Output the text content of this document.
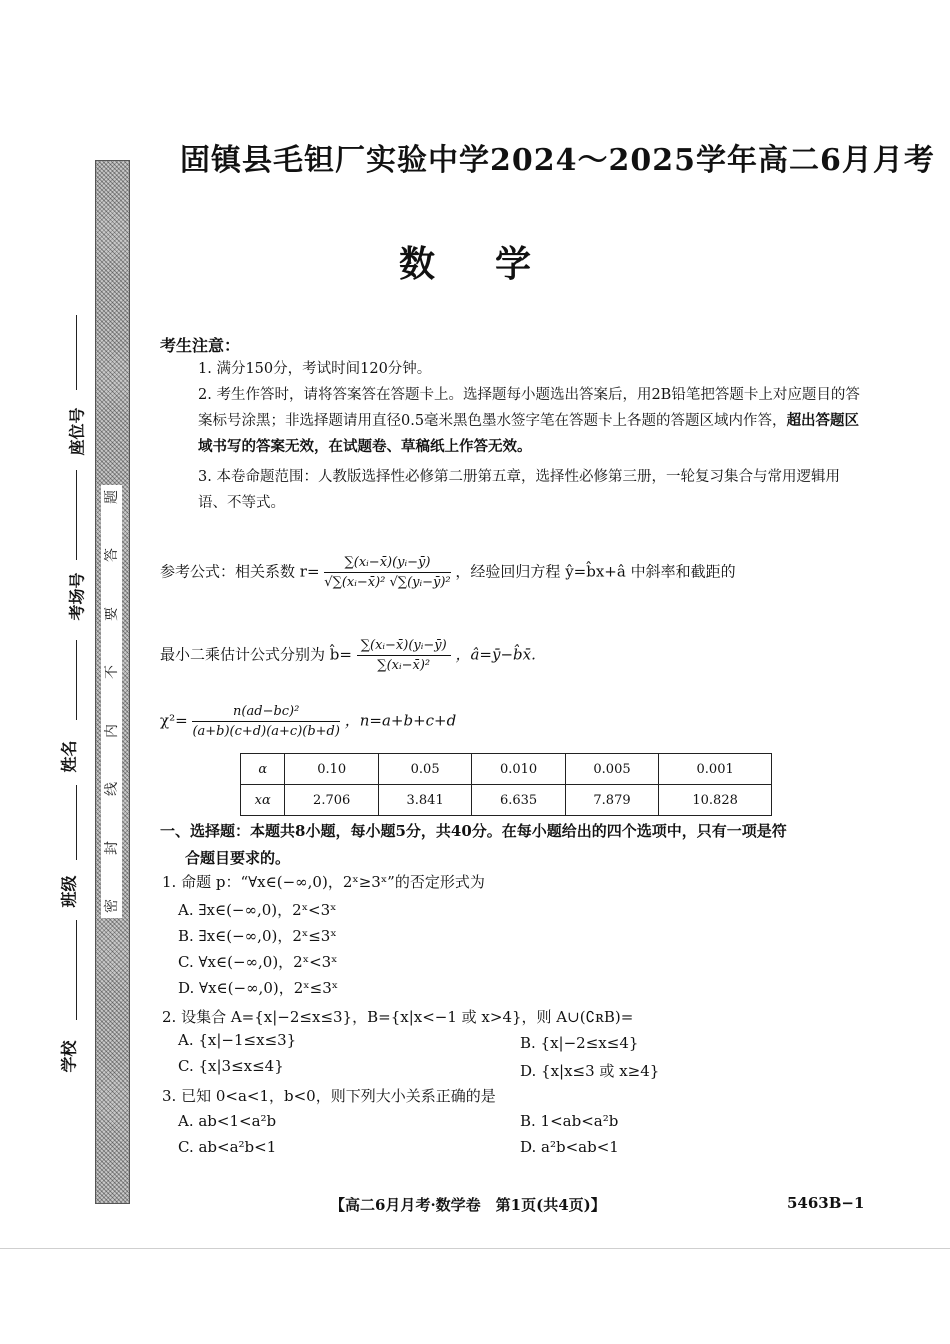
题
答
要
不
内
线
封
密
座位号
考场号
姓名
班级
学校
固镇县毛钽厂实验中学2024～2025学年高二6月月考
数学
考生注意：
1. 满分150分，考试时间120分钟。
2. 考生作答时，请将答案答在答题卡上。选择题每小题选出答案后，用2B铅笔把答题卡上对应题目的答案标号涂黑；非选择题请用直径0.5毫米黑色墨水签字笔在答题卡上各题的答题区域内作答，超出答题区域书写的答案无效，在试题卷、草稿纸上作答无效。
3. 本卷命题范围：人教版选择性必修第二册第五章，选择性必修第三册，一轮复习集合与常用逻辑用语、不等式。
参考公式：相关系数 $r= \frac{\text{∑(xᵢ−x̄)(yᵢ−ȳ)}}{\text{√∑(xᵢ−x̄)² √∑(yᵢ−ȳ)²}}$ ，经验回归方程 ŷ=b̂x+â 中斜率和截距的
最小二乘估计公式分别为 b̂= $\frac{\text{∑(xᵢ−x̄)(yᵢ−ȳ)}}{\text{∑(xᵢ−x̄)²}}$ ，â=ȳ−b̂x̄.
$\chi^2= \frac{\text{n(ad−bc)²}}{(a+b)(c+d)(a+c)(b+d)}$ ，n=a+b+c+d
α	0.10	0.05	0.010	0.005	0.001
xα	2.706	3.841	6.635	7.879	10.828
一、选择题：本题共8小题，每小题5分，共40分。在每小题给出的四个选项中，只有一项是符
合题目要求的。
1. 命题 p：“∀x∈(−∞,0)，2ˣ≥3ˣ”的否定形式为
A. ∃x∈(−∞,0)，2ˣ<3ˣ
B. ∃x∈(−∞,0)，2ˣ≤3ˣ
C. ∀x∈(−∞,0)，2ˣ<3ˣ
D. ∀x∈(−∞,0)，2ˣ≤3ˣ
2. 设集合 A={x|−2≤x≤3}，B={x|x<−1 或 x>4}，则 A∪(∁ʀB)=
A. {x|−1≤x≤3}	B. {x|−2≤x≤4}
C. {x|3≤x≤4}	D. {x|x≤3 或 x≥4}
3. 已知 0<a<1，b<0，则下列大小关系正确的是
A. ab<1<a²b	B. 1<ab<a²b
C. ab<a²b<1	D. a²b<ab<1
【高二6月月考·数学卷　第1页(共4页)】	5463B−1
